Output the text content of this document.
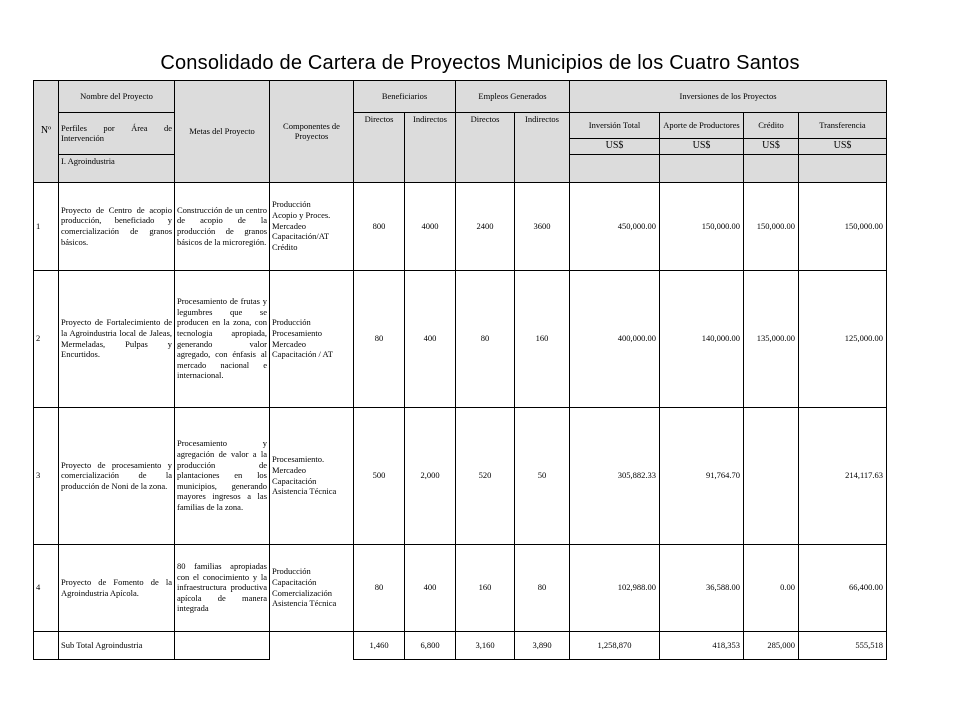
Consolidado de Cartera de Proyectos Municipios de los Cuatro Santos
Nº	Nombre del Proyecto	Metas del Proyecto	Componentes de Proyectos	Beneficiarios		Empleos Generados		Inversiones de los Proyectos			
	Perfiles por Área de Intervención			Directos	Indirectos	Directos	Indirectos	Inversión Total	Aporte de Productores	Crédito	Transferencia
								US$	US$	US$	US$
	I. Agroindustria										
1	Proyecto de Centro de acopio producción, beneficiado y comercialización de granos básicos.	Construcción de un centro de acopio de la producción de granos básicos de la microregión.	Producción
Acopio y Proces.
Mercadeo
Capacitación/AT
Crédito	800	4000	2400	3600	450,000.00	150,000.00	150,000.00	150,000.00
2	Proyecto de Fortalecimiento de la Agroindustria local de Jaleas, Mermeladas, Pulpas y Encurtidos.	Procesamiento de frutas y legumbres que se producen en la zona, con tecnologia apropiada, generando valor agregado, con énfasis al mercado nacional e internacional.	Producción
Procesamiento
Mercadeo
Capacitación / AT	80	400	80	160	400,000.00	140,000.00	135,000.00	125,000.00
3	Proyecto de procesamiento y comercialización de la producción de Noni de la zona.	Procesamiento y agregación de valor a la producción de plantaciones en los municipios, generando mayores ingresos a las familias de la zona.	Procesamiento.
Mercadeo
Capacitación
Asistencia Técnica	500	2,000	520	50	305,882.33	91,764.70		214,117.63
4	Proyecto de Fomento de la Agroindustria Apícola.	80 familias apropiadas con el conocimiento y la infraestructura productiva apícola de manera integrada	Producción
Capacitación
Comercialización
Asistencia Técnica	80	400	160	80	102,988.00	36,588.00	0.00	66,400.00
	Sub Total Agroindustria			1,460	6,800	3,160	3,890	1,258,870	418,353	285,000	555,518
